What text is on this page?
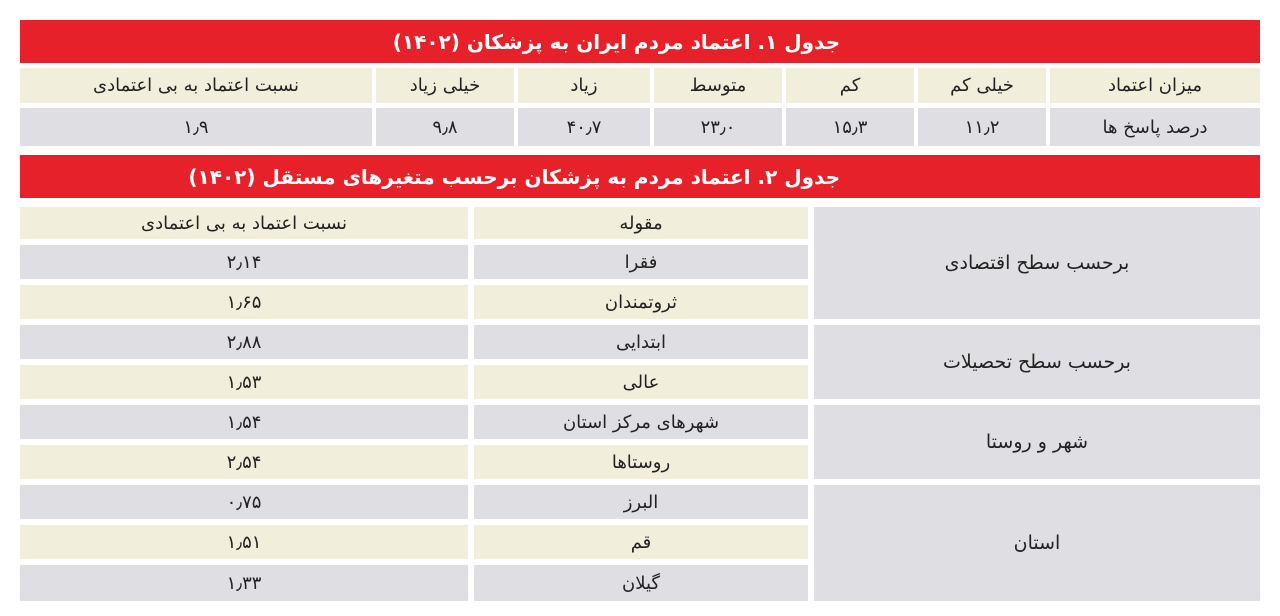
جدول ۱. اعتماد مردم ایران به پزشکان (۱۴۰۲)
میزان اعتماد
خیلی کم
کم
متوسط
زیاد
خیلی زیاد
نسبت اعتماد به بی اعتمادی
درصد پاسخ ها
۱۱٫۲
۱۵٫۳
۲۳٫۰
۴۰٫۷
۹٫۸
۱٫۹
جدول ۲. اعتماد مردم به پزشکان برحسب متغیرهای مستقل (۱۴۰۲)
برحسب سطح اقتصادی
برحسب سطح تحصیلات
شهر و روستا
استان
مقوله
نسبت اعتماد به بی اعتمادی
فقرا
۲٫۱۴
ثروتمندان
۱٫۶۵
ابتدایی
۲٫۸۸
عالی
۱٫۵۳
شهرهای مرکز استان
۱٫۵۴
روستاها
۲٫۵۴
البرز
۰٫۷۵
قم
۱٫۵۱
گیلان
۱٫۳۳
